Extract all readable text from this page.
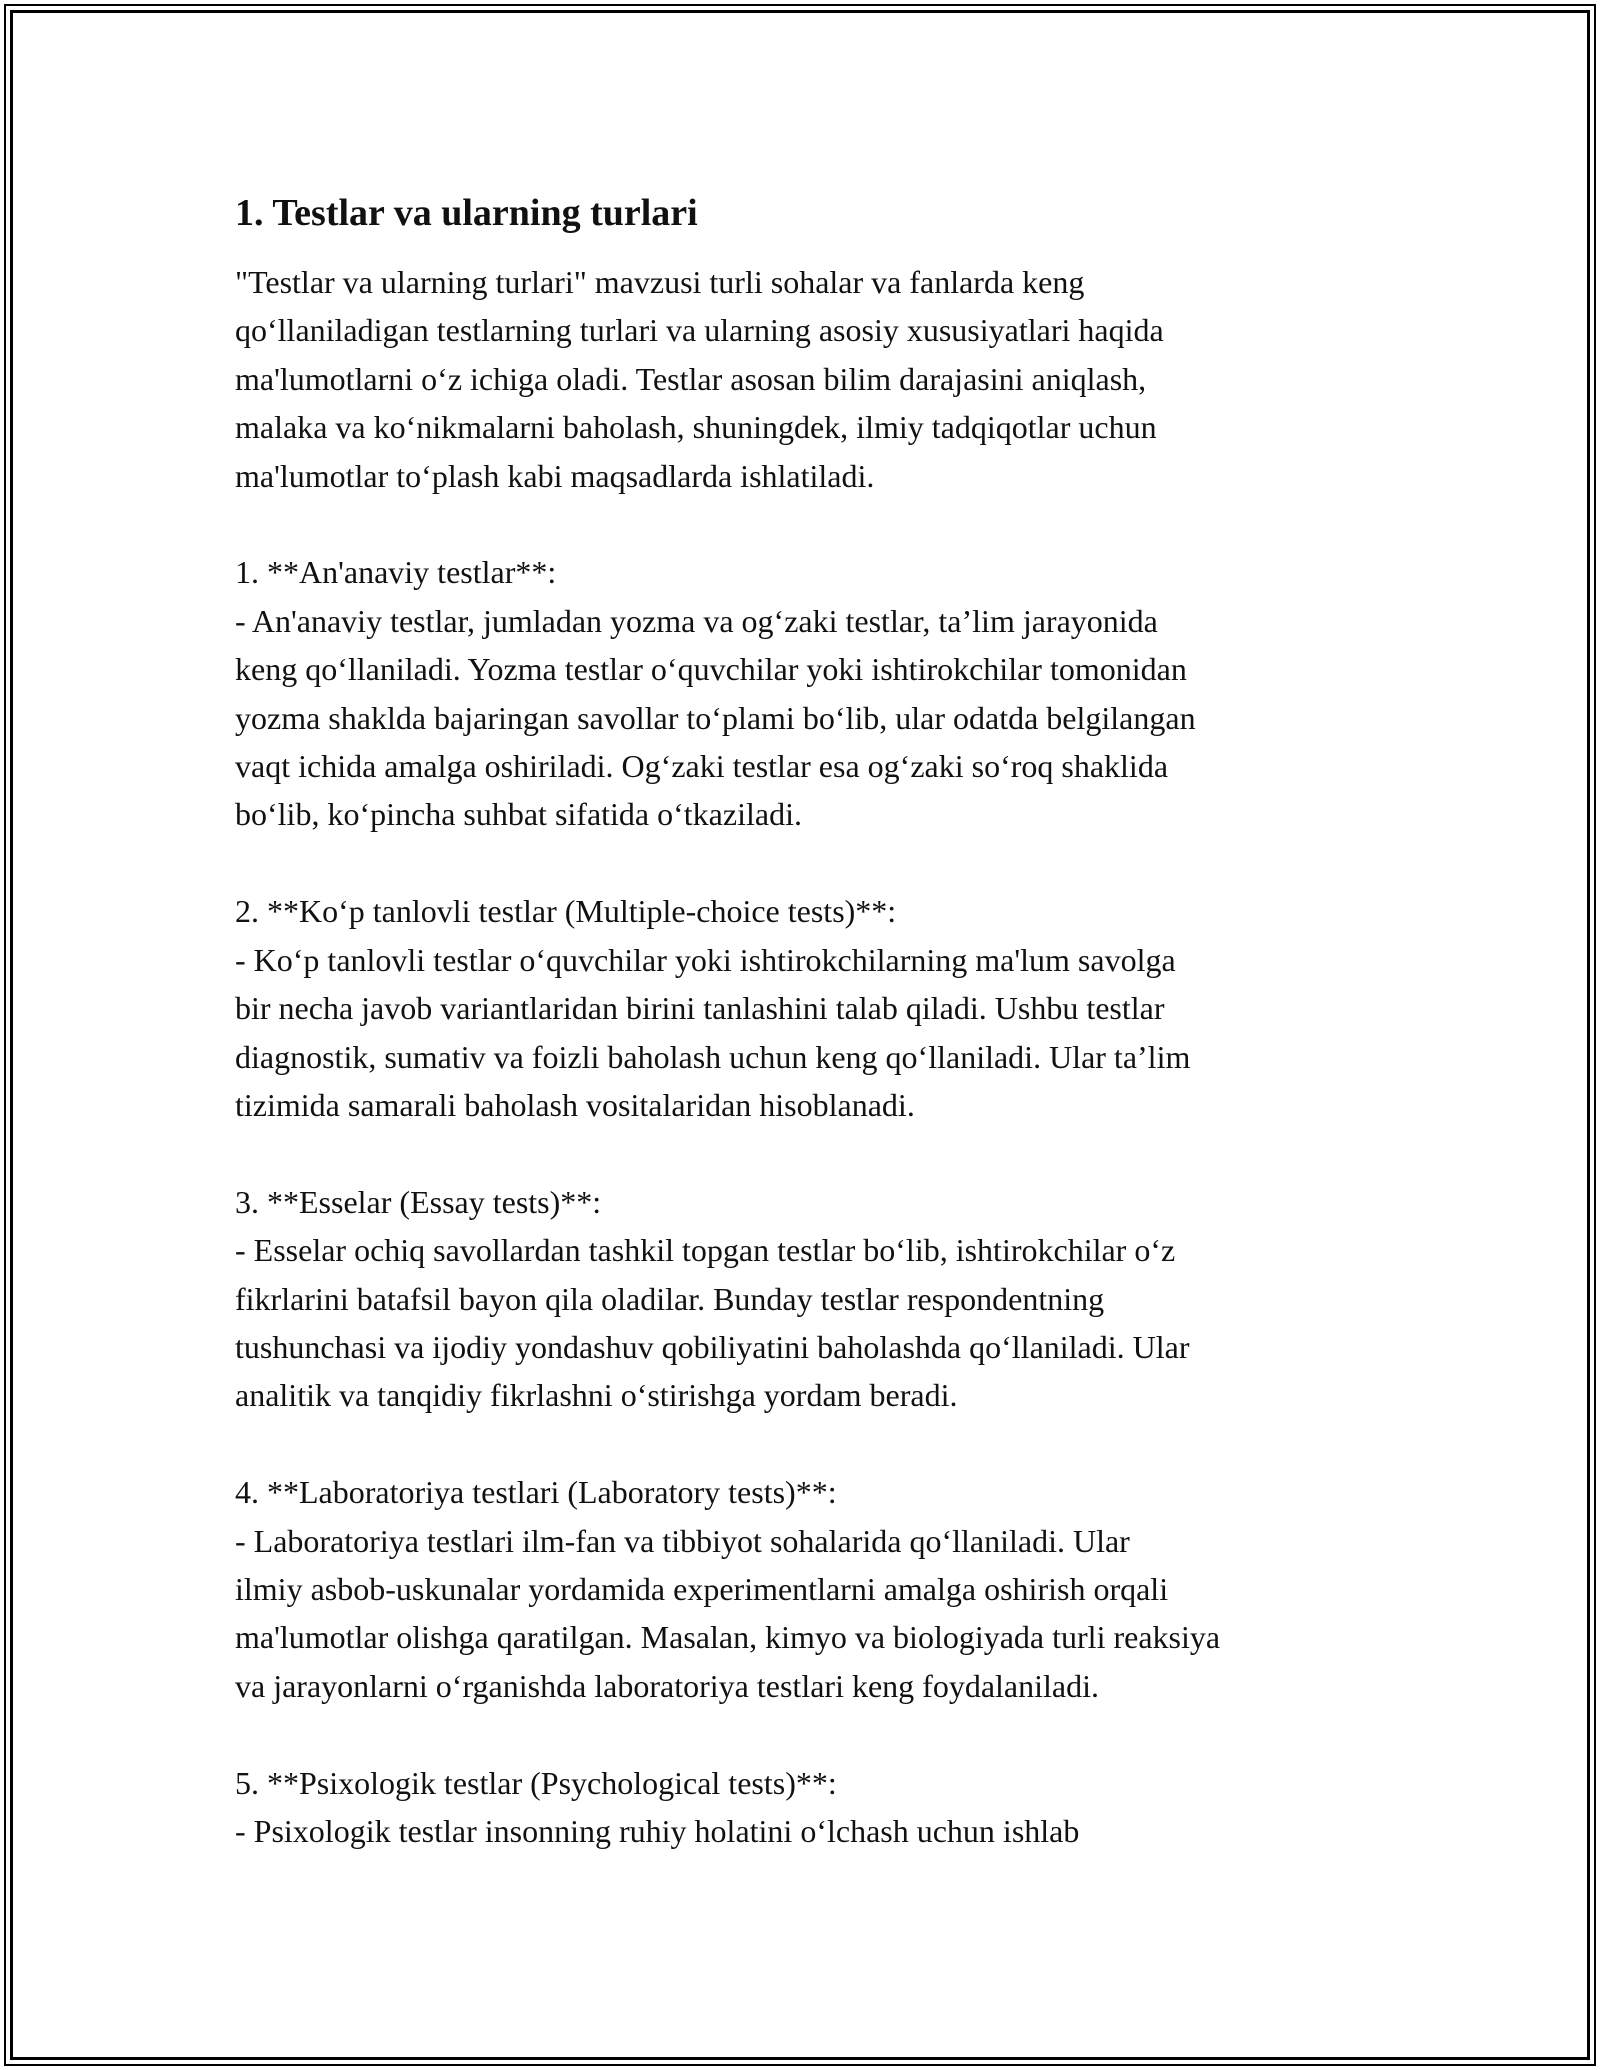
1. Testlar va ularning turlari

"Testlar va ularning turlari" mavzusi turli sohalar va fanlarda keng
qo‘llaniladigan testlarning turlari va ularning asosiy xususiyatlari haqida
ma'lumotlarni o‘z ichiga oladi. Testlar asosan bilim darajasini aniqlash,
malaka va ko‘nikmalarni baholash, shuningdek, ilmiy tadqiqotlar uchun
ma'lumotlar to‘plash kabi maqsadlarda ishlatiladi.

1. **An'anaviy testlar**:
- An'anaviy testlar, jumladan yozma va og‘zaki testlar, ta’lim jarayonida
keng qo‘llaniladi. Yozma testlar o‘quvchilar yoki ishtirokchilar tomonidan
yozma shakldа bajaringan savollar to‘plami bo‘lib, ular odatda belgilangan
vaqt ichida amalga oshiriladi. Og‘zaki testlar esa og‘zaki so‘roq shaklida
bo‘lib, ko‘pincha suhbat sifatida o‘tkaziladi.

2. **Ko‘p tanlovli testlar (Multiple-choice tests)**:
- Ko‘p tanlovli testlar o‘quvchilar yoki ishtirokchilarning ma'lum savolga
bir necha javob variantlaridan birini tanlashini talab qiladi. Ushbu testlar
diagnostik, sumativ va foizli baholash uchun keng qo‘llaniladi. Ular ta’lim
tizimida samarali baholash vositalaridan hisoblanadi.

3. **Esselar (Essay tests)**:
- Esselar ochiq savollardan tashkil topgan testlar bo‘lib, ishtirokchilar o‘z
fikrlarini batafsil bayon qila oladilar. Bunday testlar respondentning
tushunchasi va ijodiy yondashuv qobiliyatini baholashda qo‘llaniladi. Ular
analitik va tanqidiy fikrlashni o‘stirishga yordam beradi.

4. **Laboratoriya testlari (Laboratory tests)**:
- Laboratoriya testlari ilm-fan va tibbiyot sohalarida qo‘llaniladi. Ular
ilmiy asbob-uskunalar yordamida experimentlarni amalga oshirish orqali
ma'lumotlar olishga qaratilgan. Masalan, kimyo va biologiyada turli reaksiya
va jarayonlarni o‘rganishda laboratoriya testlari keng foydalaniladi.

5. **Psixologik testlar (Psychological tests)**:
- Psixologik testlar insonning ruhiy holatini o‘lchash uchun ishlab
